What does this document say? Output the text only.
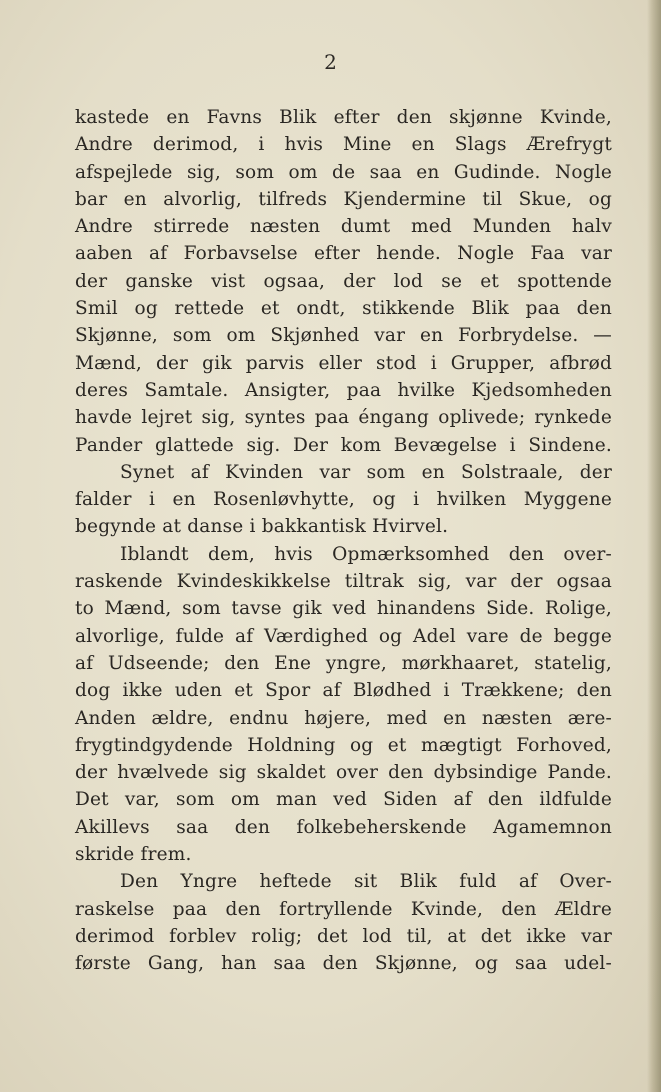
2
kastede en Favns Blik efter den skjønne Kvinde,
Andre derimod, i hvis Mine en Slags Ærefrygt
afspejlede sig, som om de saa en Gudinde. Nogle
bar en alvorlig, tilfreds Kjendermine til Skue, og
Andre stirrede næsten dumt med Munden halv
aaben af Forbavselse efter hende. Nogle Faa var
der ganske vist ogsaa, der lod se et spottende
Smil og rettede et ondt, stikkende Blik paa den
Skjønne, som om Skjønhed var en Forbrydelse. —
Mænd, der gik parvis eller stod i Grupper, afbrød
deres Samtale. Ansigter, paa hvilke Kjedsomheden
havde lejret sig, syntes paa éngang oplivede; rynkede
Pander glattede sig. Der kom Bevægelse i Sindene.
Synet af Kvinden var som en Solstraale, der
falder i en Rosenløvhytte, og i hvilken Myggene
begynde at danse i bakkantisk Hvirvel.
Iblandt dem, hvis Opmærksomhed den over-
raskende Kvindeskikkelse tiltrak sig, var der ogsaa
to Mænd, som tavse gik ved hinandens Side. Rolige,
alvorlige, fulde af Værdighed og Adel vare de begge
af Udseende; den Ene yngre, mørkhaaret, statelig,
dog ikke uden et Spor af Blødhed i Trækkene; den
Anden ældre, endnu højere, med en næsten ære-
frygtindgydende Holdning og et mægtigt Forhoved,
der hvælvede sig skaldet over den dybsindige Pande.
Det var, som om man ved Siden af den ildfulde
Akillevs saa den folkebeherskende Agamemnon
skride frem.
Den Yngre heftede sit Blik fuld af Over-
raskelse paa den fortryllende Kvinde, den Ældre
derimod forblev rolig; det lod til, at det ikke var
første Gang, han saa den Skjønne, og saa udel-
